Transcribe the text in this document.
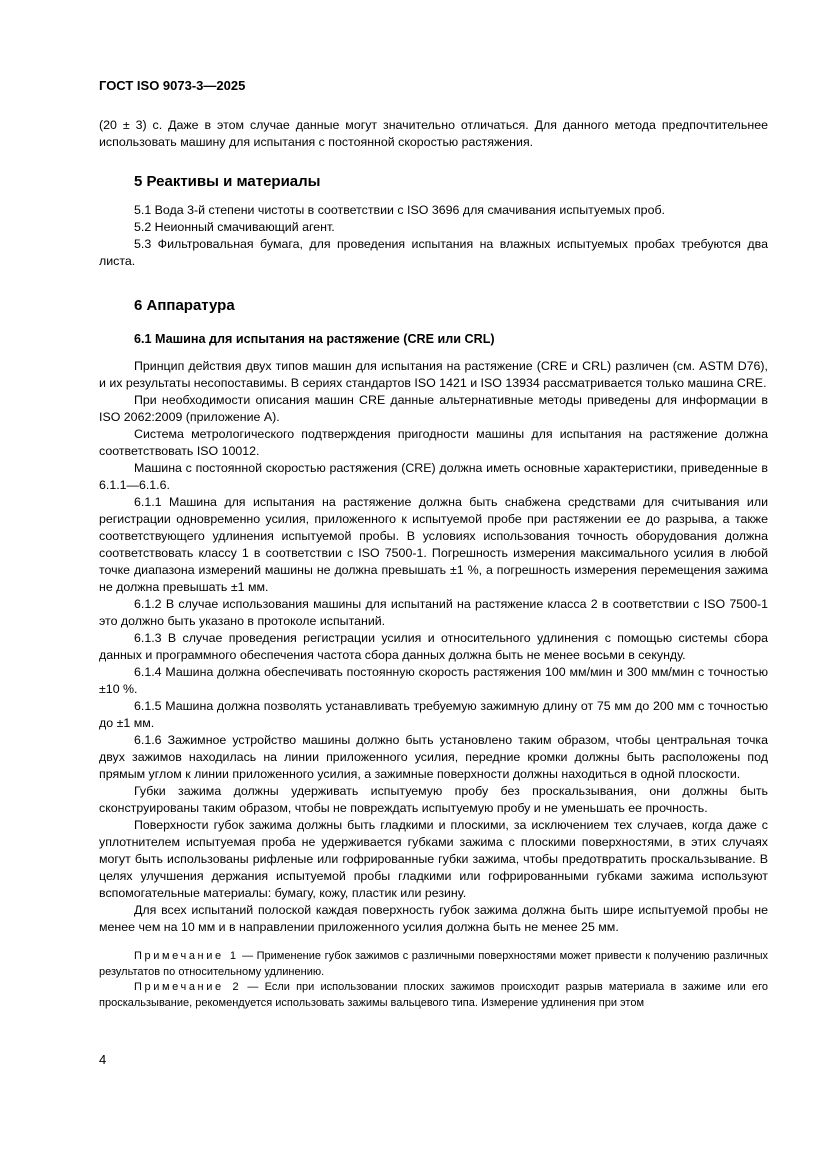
ГОСТ ISO 9073-3—2025

(20 ± 3) с. Даже в этом случае данные могут значительно отличаться. Для данного метода предпочтительнее использовать машину для испытания с постоянной скоростью растяжения.

5 Реактивы и материалы

5.1 Вода 3-й степени чистоты в соответствии с ISO 3696 для смачивания испытуемых проб.

5.2 Неионный смачивающий агент.

5.3 Фильтровальная бумага, для проведения испытания на влажных испытуемых пробах требуются два листа.

6 Аппаратура
6.1 Машина для испытания на растяжение (CRE или CRL)

Принцип действия двух типов машин для испытания на растяжение (CRE и CRL) различен (см. ASTM D76), и их результаты несопоставимы. В сериях стандартов ISO 1421 и ISO 13934 рассматривается только машина CRE.

При необходимости описания машин CRE данные альтернативные методы приведены для информации в ISO 2062:2009 (приложение А).

Система метрологического подтверждения пригодности машины для испытания на растяжение должна соответствовать ISO 10012.

Машина с постоянной скоростью растяжения (CRE) должна иметь основные характеристики, приведенные в 6.1.1—6.1.6.

6.1.1 Машина для испытания на растяжение должна быть снабжена средствами для считывания или регистрации одновременно усилия, приложенного к испытуемой пробе при растяжении ее до разрыва, а также соответствующего удлинения испытуемой пробы. В условиях использования точность оборудования должна соответствовать классу 1 в соответствии с ISO 7500-1. Погрешность измерения максимального усилия в любой точке диапазона измерений машины не должна превышать ±1 %, а погрешность измерения перемещения зажима не должна превышать ±1 мм.

6.1.2 В случае использования машины для испытаний на растяжение класса 2 в соответствии с ISO 7500-1 это должно быть указано в протоколе испытаний.

6.1.3 В случае проведения регистрации усилия и относительного удлинения с помощью системы сбора данных и программного обеспечения частота сбора данных должна быть не менее восьми в секунду.

6.1.4 Машина должна обеспечивать постоянную скорость растяжения 100 мм/мин и 300 мм/мин с точностью ±10 %.

6.1.5 Машина должна позволять устанавливать требуемую зажимную длину от 75 мм до 200 мм с точностью до ±1 мм.

6.1.6 Зажимное устройство машины должно быть установлено таким образом, чтобы центральная точка двух зажимов находилась на линии приложенного усилия, передние кромки должны быть расположены под прямым углом к линии приложенного усилия, а зажимные поверхности должны находиться в одной плоскости.

Губки зажима должны удерживать испытуемую пробу без проскальзывания, они должны быть сконструированы таким образом, чтобы не повреждать испытуемую пробу и не уменьшать ее прочность.

Поверхности губок зажима должны быть гладкими и плоскими, за исключением тех случаев, когда даже с уплотнителем испытуемая проба не удерживается губками зажима с плоскими поверхностями, в этих случаях могут быть использованы рифленые или гофрированные губки зажима, чтобы предотвратить проскальзывание. В целях улучшения держания испытуемой пробы гладкими или гофрированными губками зажима используют вспомогательные материалы: бумагу, кожу, пластик или резину.

Для всех испытаний полоской каждая поверхность губок зажима должна быть шире испытуемой пробы не менее чем на 10 мм и в направлении приложенного усилия должна быть не менее 25 мм.

Примечание 1 — Применение губок зажимов с различными поверхностями может привести к получению различных результатов по относительному удлинению.

Примечание 2 — Если при использовании плоских зажимов происходит разрыв материала в зажиме или его проскальзывание, рекомендуется использовать зажимы вальцевого типа. Измерение удлинения при этом

4
